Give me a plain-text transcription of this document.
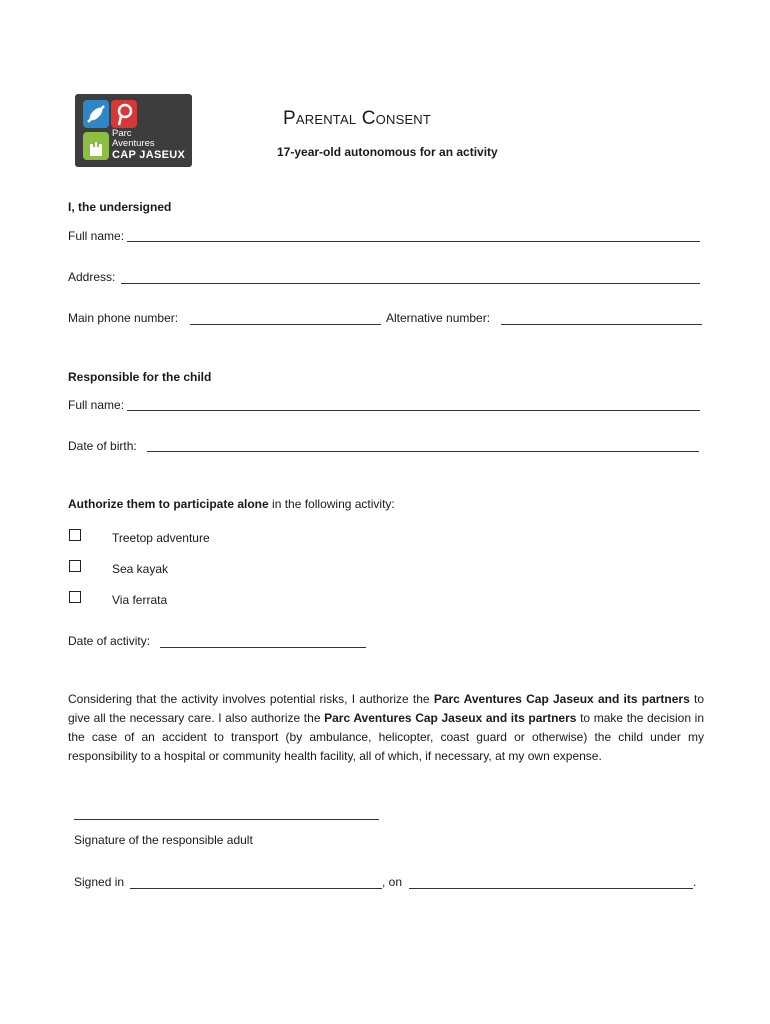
Parc
Aventures
CAP JASEUX
Parental Consent
17-year-old autonomous for an activity
I, the undersigned
Full name:
Address:
Main phone number:	Alternative number:
Responsible for the child
Full name:
Date of birth:
Authorize them to participate alone in the following activity:
Treetop adventure
Sea kayak
Via ferrata
Date of activity:
Considering that the activity involves potential risks, I authorize the Parc Aventures Cap Jaseux and its partners to give all the necessary care. I also authorize the Parc Aventures Cap Jaseux and its partners to make the decision in the case of an accident to transport (by ambulance, helicopter, coast guard or otherwise) the child under my responsibility to a hospital or community health facility, all of which, if necessary, at my own expense.
Signature of the responsible adult
Signed in	, on	.
